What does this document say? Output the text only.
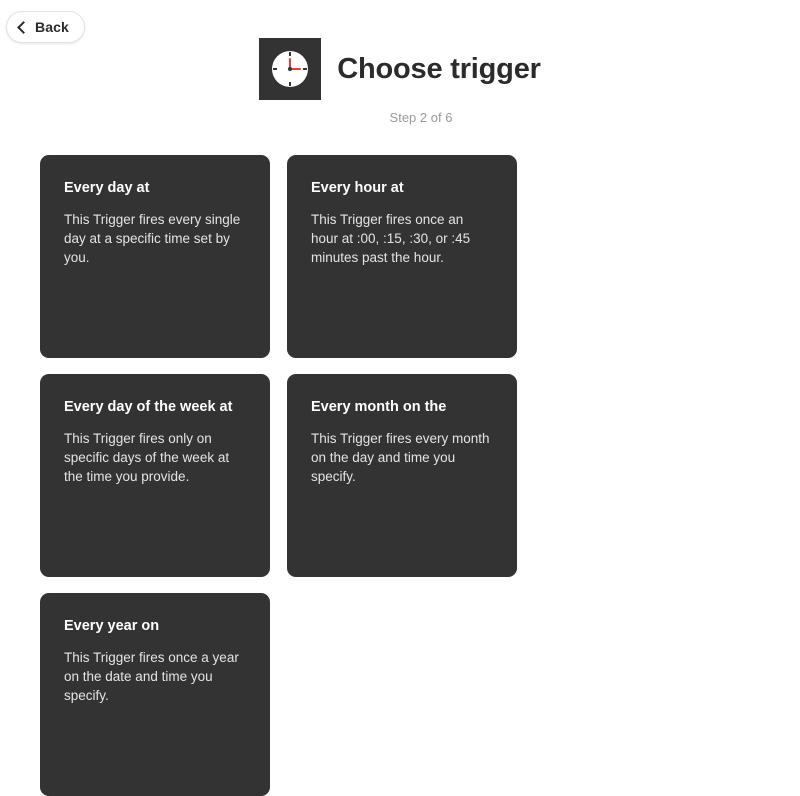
Back
Choose trigger
Step 2 of 6

Every day at

This Trigger fires every single day at a specific time set by you.

Every hour at

This Trigger fires once an hour at :00, :15, :30, or :45 minutes past the hour.

Every day of the week at

This Trigger fires only on specific days of the week at the time you provide.

Every month on the

This Trigger fires every month on the day and time you specify.

Every year on

This Trigger fires once a year on the date and time you specify.
